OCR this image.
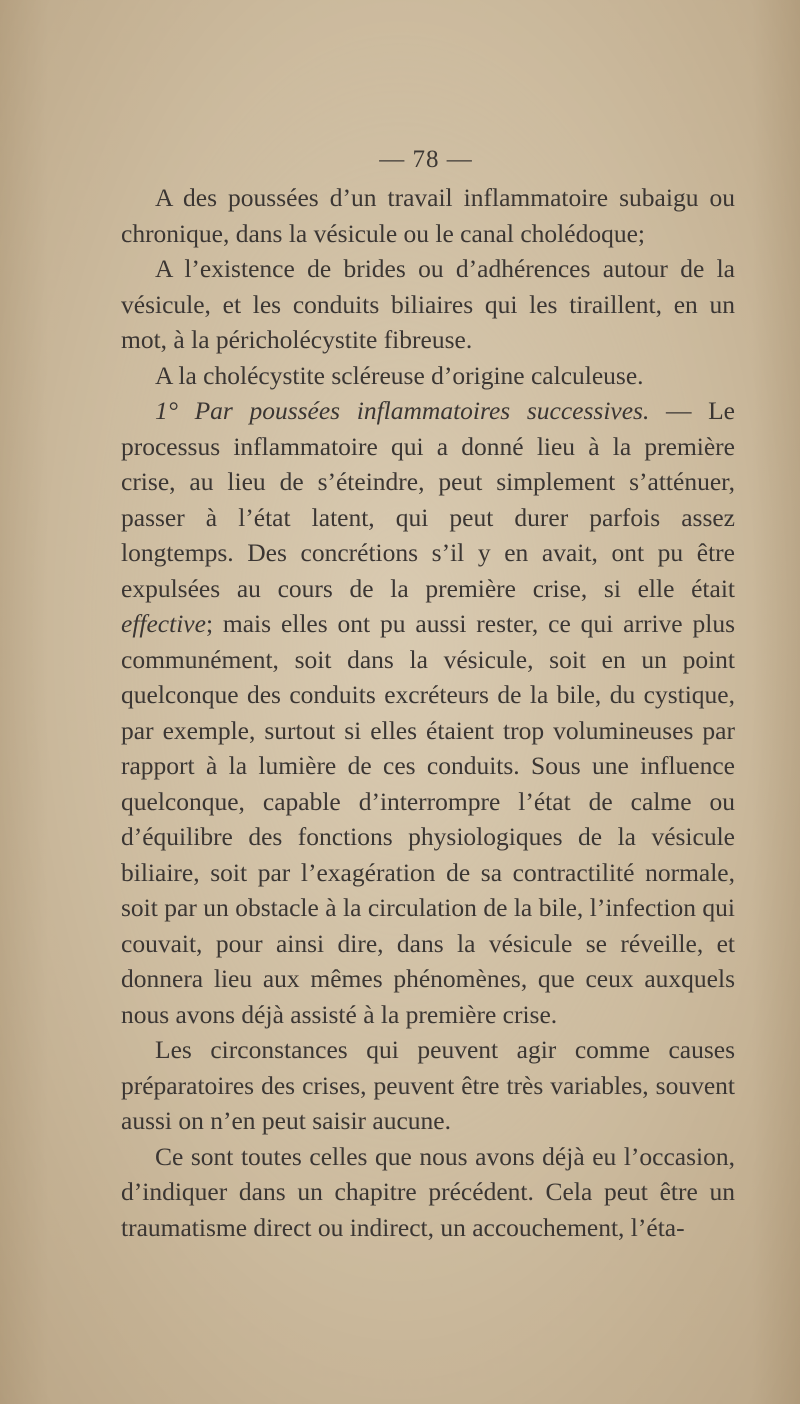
— 78 —

A des poussées d’un travail inflammatoire subaigu ou chronique, dans la vésicule ou le canal cholédoque;

A l’existence de brides ou d’adhérences autour de la vésicule, et les conduits biliaires qui les tiraillent, en un mot, à la péricholécystite fibreuse.

A la cholécystite scléreuse d’origine calculeuse.

1° Par poussées inflammatoires successives. — Le processus inflammatoire qui a donné lieu à la première crise, au lieu de s’éteindre, peut simplement s’atténuer, passer à l’état latent, qui peut durer parfois assez longtemps. Des concrétions s’il y en avait, ont pu être expulsées au cours de la première crise, si elle était effective; mais elles ont pu aussi rester, ce qui arrive plus communément, soit dans la vésicule, soit en un point quelconque des conduits excréteurs de la bile, du cystique, par exemple, surtout si elles étaient trop volumineuses par rapport à la lumière de ces conduits. Sous une influence quelconque, capable d’interrompre l’état de calme ou d’équilibre des fonctions physiologiques de la vésicule biliaire, soit par l’exagération de sa contractilité normale, soit par un obstacle à la circulation de la bile, l’infection qui couvait, pour ainsi dire, dans la vésicule se réveille, et donnera lieu aux mêmes phénomènes, que ceux auxquels nous avons déjà assisté à la première crise.

Les circonstances qui peuvent agir comme causes préparatoires des crises, peuvent être très variables, souvent aussi on n’en peut saisir aucune.

Ce sont toutes celles que nous avons déjà eu l’occasion, d’indiquer dans un chapitre précédent. Cela peut être un traumatisme direct ou indirect, un accouchement, l’éta-
